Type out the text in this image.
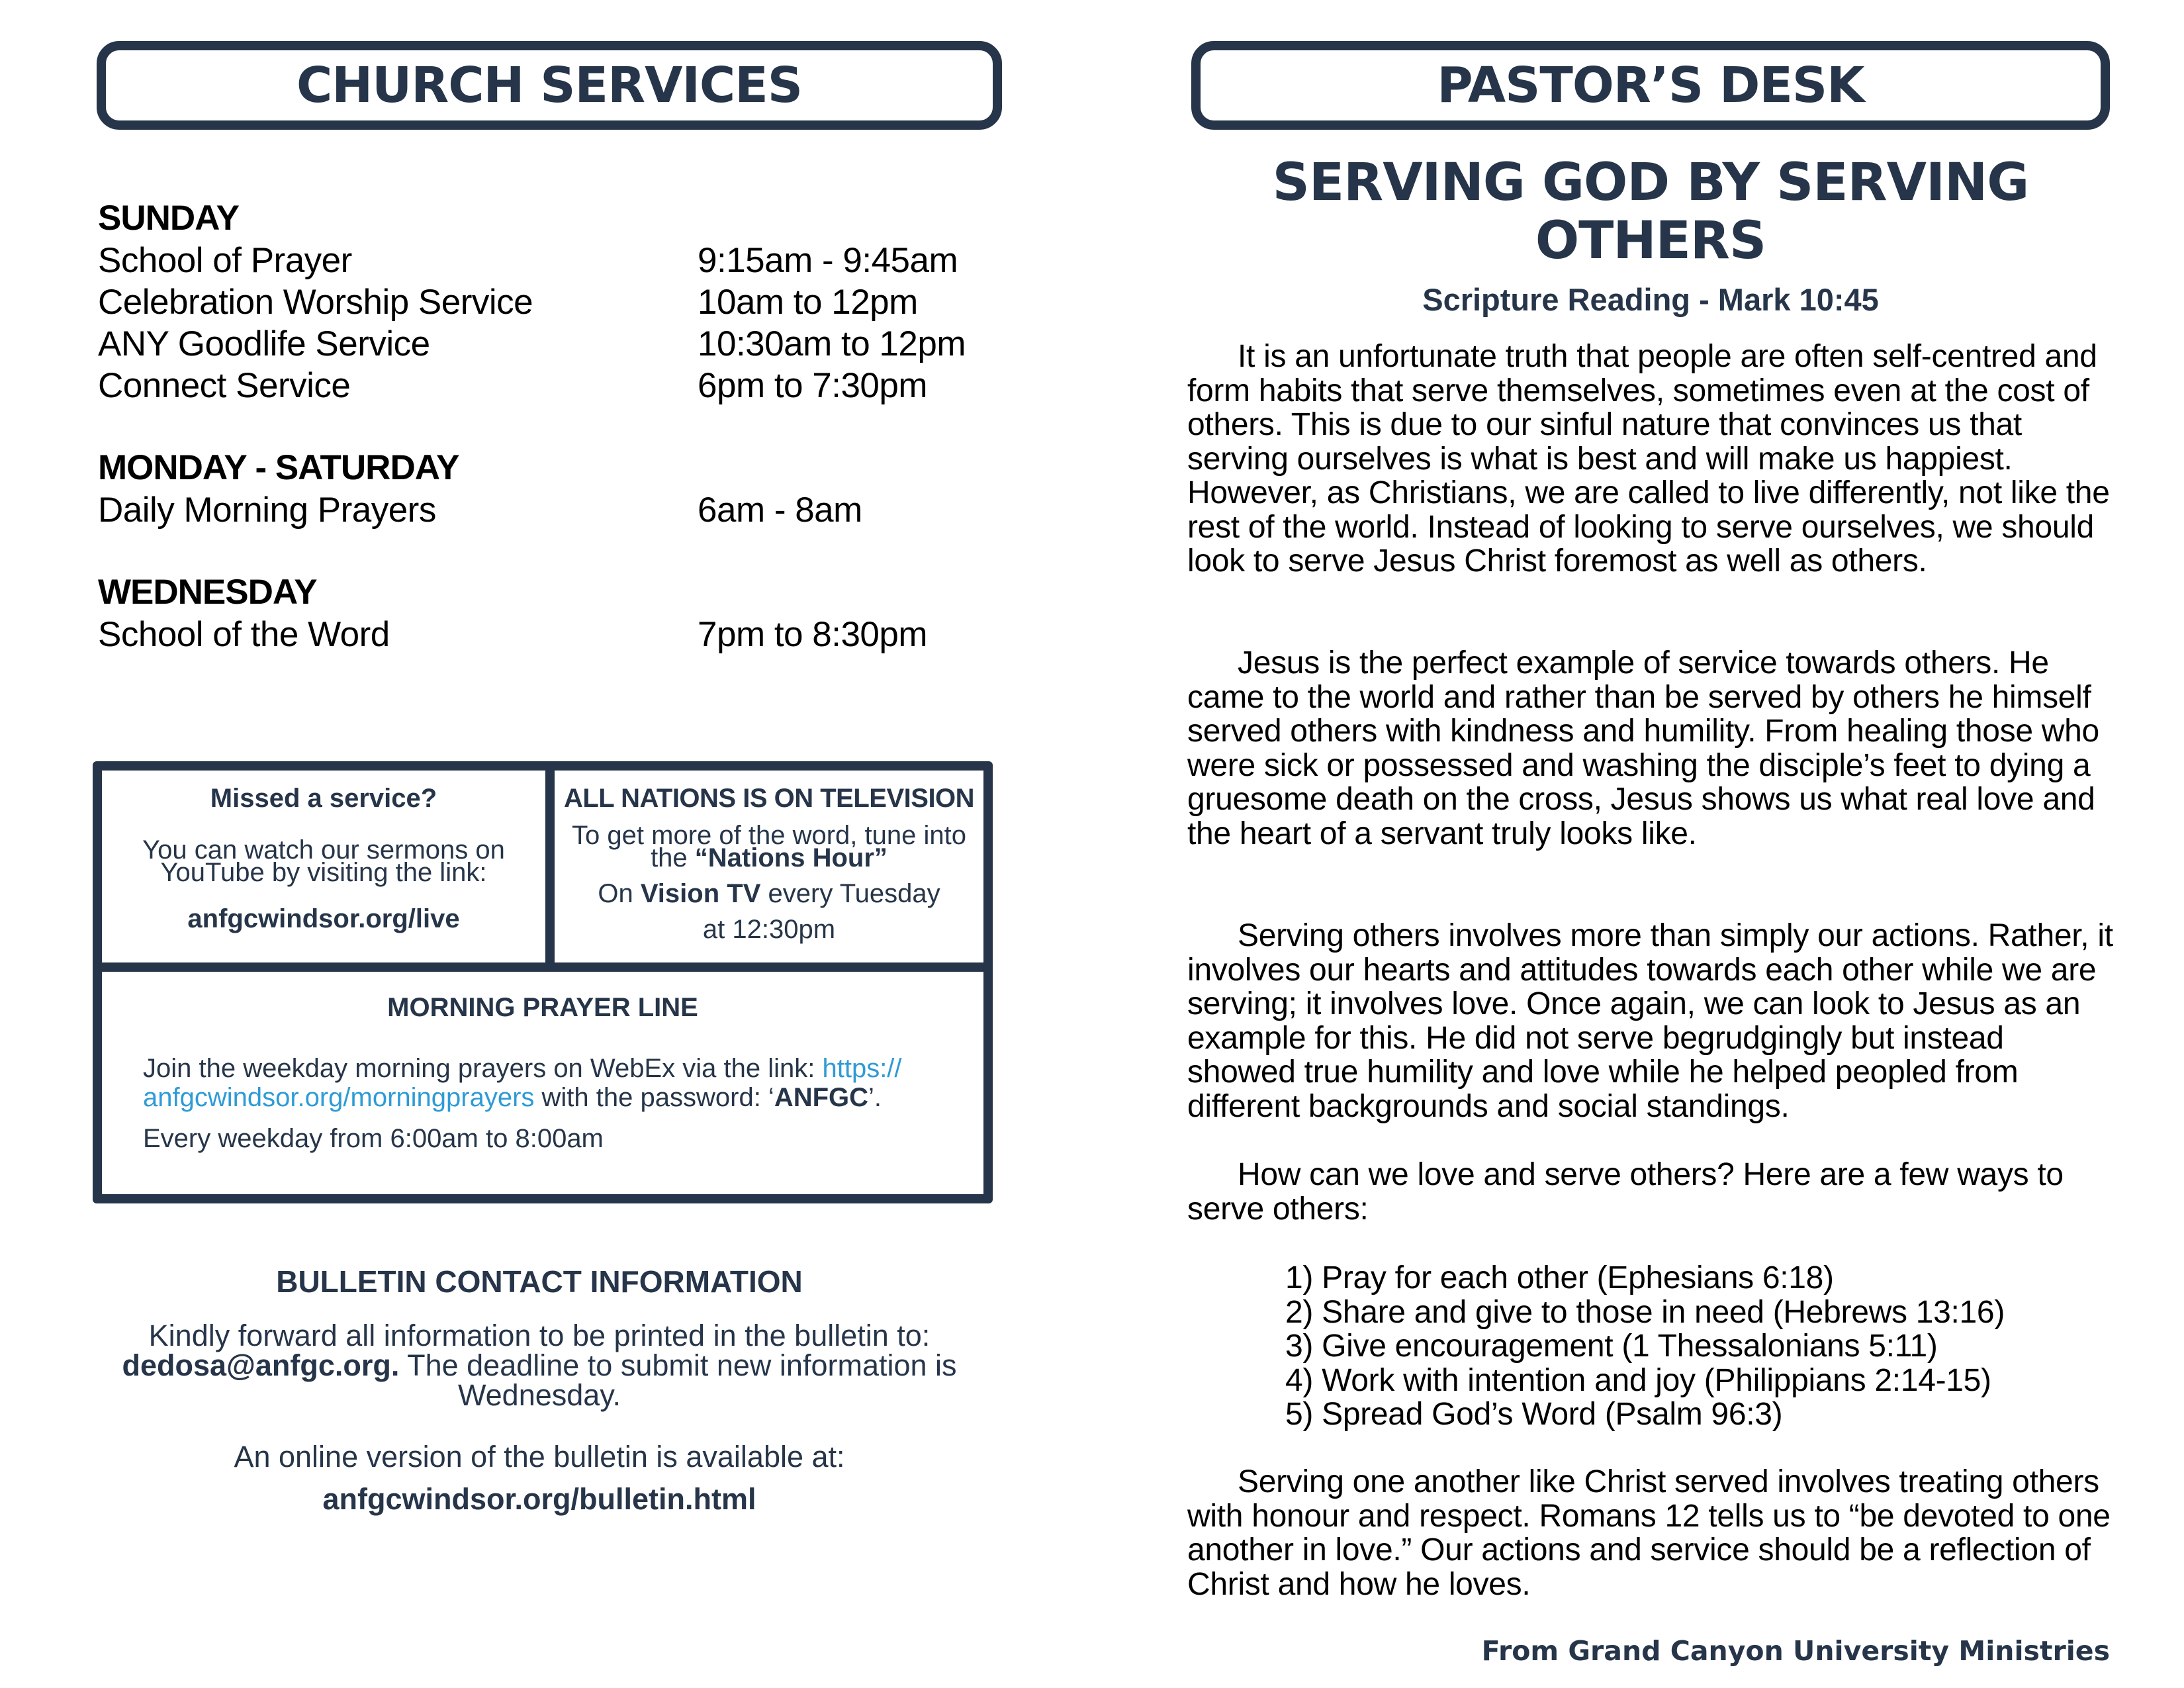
CHURCH SERVICES
SUNDAY
School of Prayer	9:15am - 9:45am
Celebration Worship Service	10am to 12pm
ANY Goodlife Service	10:30am to 12pm
Connect Service	6pm to 7:30pm
MONDAY - SATURDAY
Daily Morning Prayers	6am - 8am
WEDNESDAY
School of the Word	7pm to 8:30pm
Missed a service?
You can watch our sermons on
YouTube by visiting the link:
anfgcwindsor.org/live
ALL NATIONS IS ON TELEVISION
To get more of the word, tune into
the “Nations Hour”
On Vision TV every Tuesday
at 12:30pm
MORNING PRAYER LINE
Join the weekday morning prayers on WebEx via the link: https://
anfgcwindsor.org/morningprayers with the password: ‘ANFGC’.
Every weekday from 6:00am to 8:00am
BULLETIN CONTACT INFORMATION
Kindly forward all information to be printed in the bulletin to:
dedosa@anfgc.org. The deadline to submit new information is
Wednesday.
An online version of the bulletin is available at:
anfgcwindsor.org/bulletin.html
PASTOR’S DESK
SERVING GOD BY SERVING
OTHERS
Scripture Reading - Mark 10:45

It is an unfortunate truth that people are often self-centred and form habits that serve themselves, sometimes even at the cost of others. This is due to our sinful nature that convinces us that serving ourselves is what is best and will make us happiest. However, as Christians, we are called to live differently, not like the rest of the world. Instead of looking to serve ourselves, we should look to serve Jesus Christ foremost as well as others.

Jesus is the perfect example of service towards others. He came to the world and rather than be served by others he himself served others with kindness and humility. From healing those who were sick or possessed and washing the disciple’s feet to dying a gruesome death on the cross, Jesus shows us what real love and the heart of a servant truly looks like.

Serving others involves more than simply our actions. Rather, it involves our hearts and attitudes towards each other while we are serving; it involves love. Once again, we can look to Jesus as an example for this. He did not serve begrudgingly but instead showed true humility and love while he helped peopled from different backgrounds and social standings.

How can we love and serve others? Here are a few ways to serve others:

1) Pray for each other (Ephesians 6:18)
2) Share and give to those in need (Hebrews 13:16)
3) Give encouragement (1 Thessalonians 5:11)
4) Work with intention and joy (Philippians 2:14-15)
5) Spread God’s Word (Psalm 96:3)

Serving one another like Christ served involves treating others with honour and respect. Romans 12 tells us to “be devoted to one another in love.” Our actions and service should be a reflection of Christ and how he loves.

From Grand Canyon University Ministries
